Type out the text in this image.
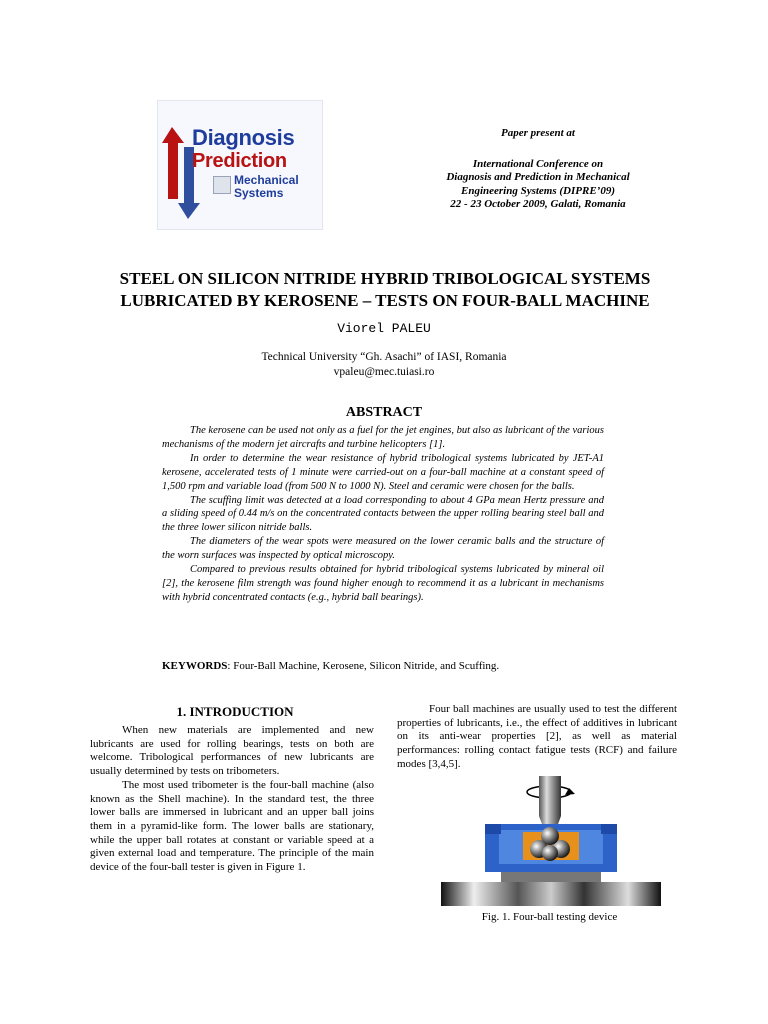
Diagnosis
Prediction
Mechanical
Systems
Paper present at
International Conference on
Diagnosis and Prediction in Mechanical
Engineering Systems (DIPRE’09)
22 - 23 October 2009, Galati, Romania
STEEL ON SILICON NITRIDE HYBRID TRIBOLOGICAL SYSTEMS
LUBRICATED BY KEROSENE – TESTS ON FOUR-BALL MACHINE
Viorel PALEU
Technical University “Gh. Asachi” of IASI, Romania
vpaleu@mec.tuiasi.ro
ABSTRACT

The kerosene can be used not only as a fuel for the jet engines, but also as lubricant of the various mechanisms of the modern jet aircrafts and turbine helicopters [1].

In order to determine the wear resistance of hybrid tribological systems lubricated by JET-A1 kerosene, accelerated tests of 1 minute were carried-out on a four-ball machine at a constant speed of 1,500 rpm and variable load (from 500 N to 1000 N). Steel and ceramic were chosen for the balls.

The scuffing limit was detected at a load corresponding to about 4 GPa mean Hertz pressure and a sliding speed of 0.44 m/s on the concentrated contacts between the upper rolling bearing steel ball and the three lower silicon nitride balls.

The diameters of the wear spots were measured on the lower ceramic balls and the structure of the worn surfaces was inspected by optical microscopy.

Compared to previous results obtained for hybrid tribological systems lubricated by mineral oil [2], the kerosene film strength was found higher enough to recommend it as a lubricant in mechanisms with hybrid concentrated contacts (e.g., hybrid ball bearings).

KEYWORDS: Four-Ball Machine, Kerosene, Silicon Nitride, and Scuffing.
1. INTRODUCTION

When new materials are implemented and new lubricants are used for rolling bearings, tests on both are welcome. Tribological performances of new lubricants are usually determined by tests on tribometers.

The most used tribometer is the four-ball machine (also known as the Shell machine). In the standard test, the three lower balls are immersed in lubricant and an upper ball joins them in a pyramid-like form. The lower balls are stationary, while the upper ball rotates at constant or variable speed at a given external load and temperature. The principle of the main device of the four-ball tester is given in Figure 1.

Four ball machines are usually used to test the different properties of lubricants, i.e., the effect of additives in lubricant on its anti-wear properties [2], as well as material performances: rolling contact fatigue tests (RCF) and failure modes [3,4,5].

Fig. 1. Four-ball testing device
